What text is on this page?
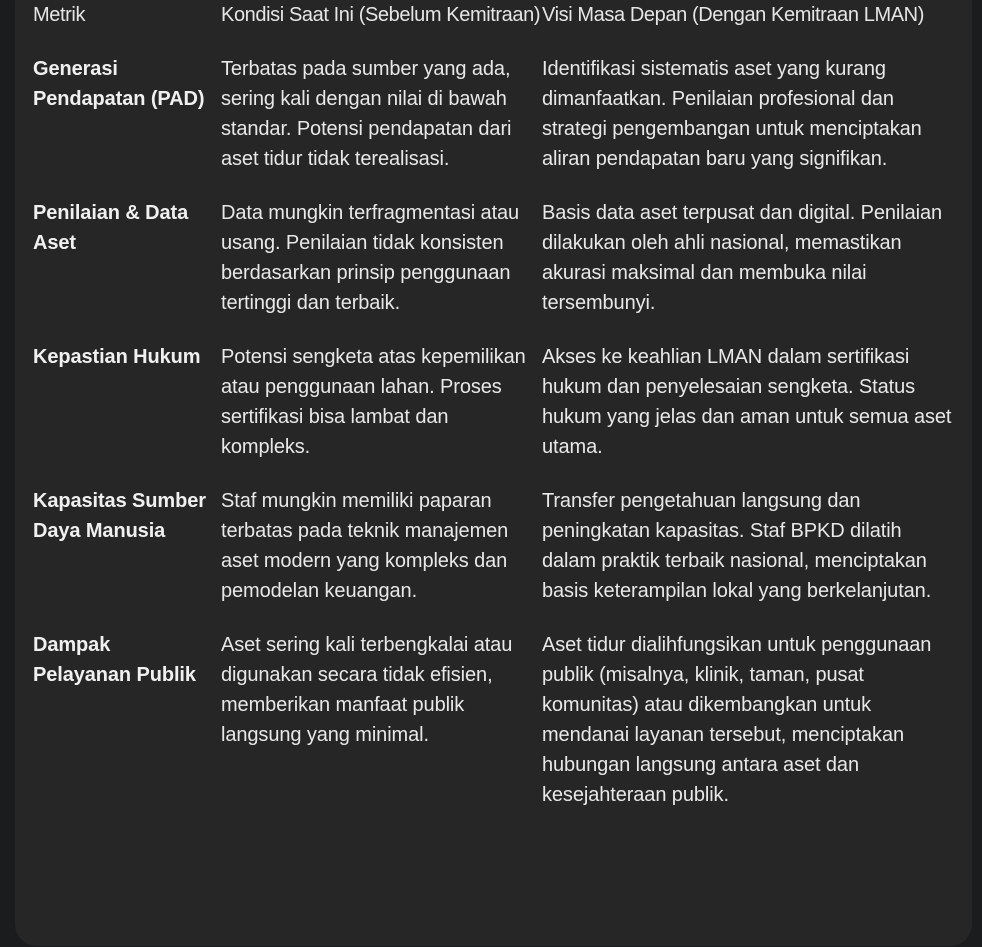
Metrik	Kondisi Saat Ini (Sebelum Kemitraan)	Visi Masa Depan (Dengan Kemitraan LMAN)
Generasi Pendapatan (PAD)	Terbatas pada sumber yang ada, sering kali dengan nilai di bawah standar. Potensi pendapatan dari aset tidur tidak terealisasi.	Identifikasi sistematis aset yang kurang dimanfaatkan. Penilaian profesional dan strategi pengembangan untuk menciptakan aliran pendapatan baru yang signifikan.
Penilaian & Data Aset	Data mungkin terfragmentasi atau usang. Penilaian tidak konsisten berdasarkan prinsip penggunaan tertinggi dan terbaik.	Basis data aset terpusat dan digital. Penilaian dilakukan oleh ahli nasional, memastikan akurasi maksimal dan membuka nilai tersembunyi.
Kepastian Hukum	Potensi sengketa atas kepemilikan atau penggunaan lahan. Proses sertifikasi bisa lambat dan kompleks.	Akses ke keahlian LMAN dalam sertifikasi hukum dan penyelesaian sengketa. Status hukum yang jelas dan aman untuk semua aset utama.
Kapasitas Sumber Daya Manusia	Staf mungkin memiliki paparan terbatas pada teknik manajemen aset modern yang kompleks dan pemodelan keuangan.	Transfer pengetahuan langsung dan peningkatan kapasitas. Staf BPKD dilatih dalam praktik terbaik nasional, menciptakan basis keterampilan lokal yang berkelanjutan.
Dampak Pelayanan Publik	Aset sering kali terbengkalai atau digunakan secara tidak efisien, memberikan manfaat publik langsung yang minimal.	Aset tidur dialihfungsikan untuk penggunaan publik (misalnya, klinik, taman, pusat komunitas) atau dikembangkan untuk mendanai layanan tersebut, menciptakan hubungan langsung antara aset dan kesejahteraan publik.
